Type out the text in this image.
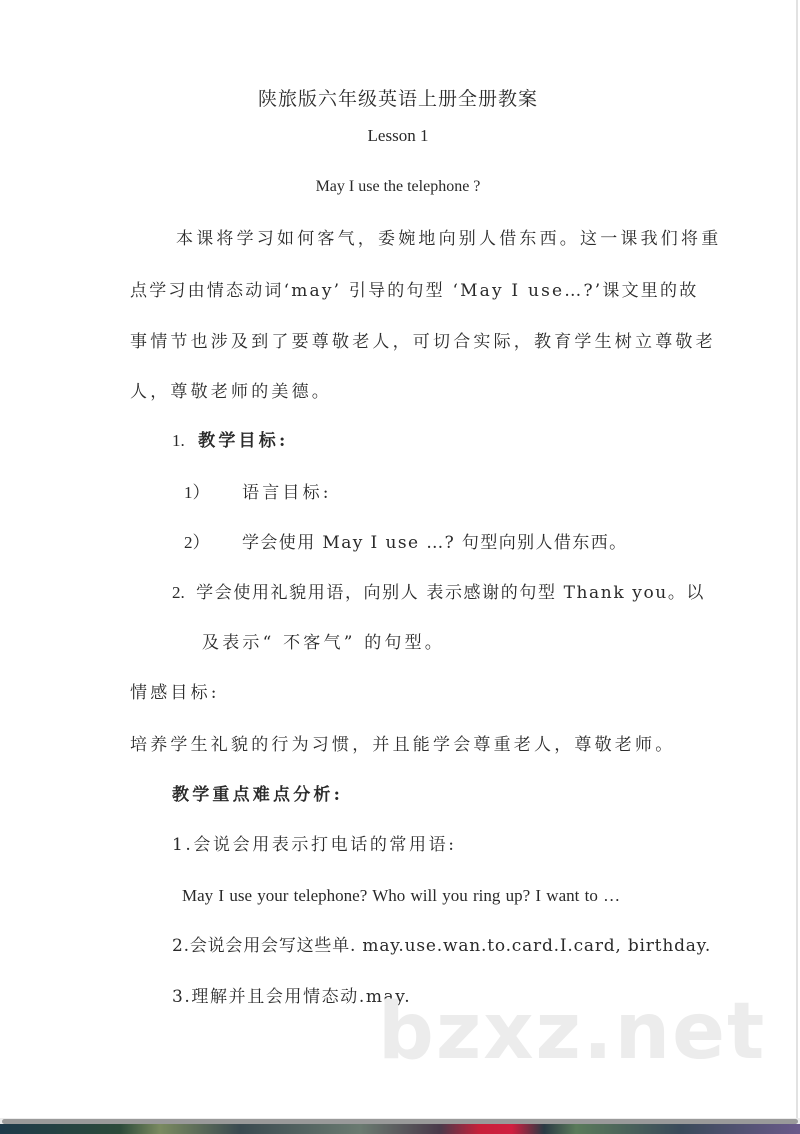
陕旅版六年级英语上册全册教案
Lesson 1
May I use the telephone ?
本课将学习如何客气，委婉地向别人借东西。这一课我们将重
点学习由情态动词‘may’ 引导的句型 ‘May I use…?’课文里的故
事情节也涉及到了要尊敬老人，可切合实际，教育学生树立尊敬老
人，尊敬老师的美德。
1. 教学目标:
1） 语言目标:
2） 学会使用 May I use …? 句型向别人借东西。
2. 学会使用礼貌用语，向别人 表示感谢的句型 Thank you。以
及表示“ 不客气” 的句型。
情感目标:
培养学生礼貌的行为习惯，并且能学会尊重老人，尊敬老师。
教学重点难点分析:
1.会说会用表示打电话的常用语:
May I use your telephone? Who will you ring up? I want to …
2.会说会用会写这些单. may.use.wan.to.card.I.card, birthday.
3.理解并且会用情态动.may.
bzxz.net
